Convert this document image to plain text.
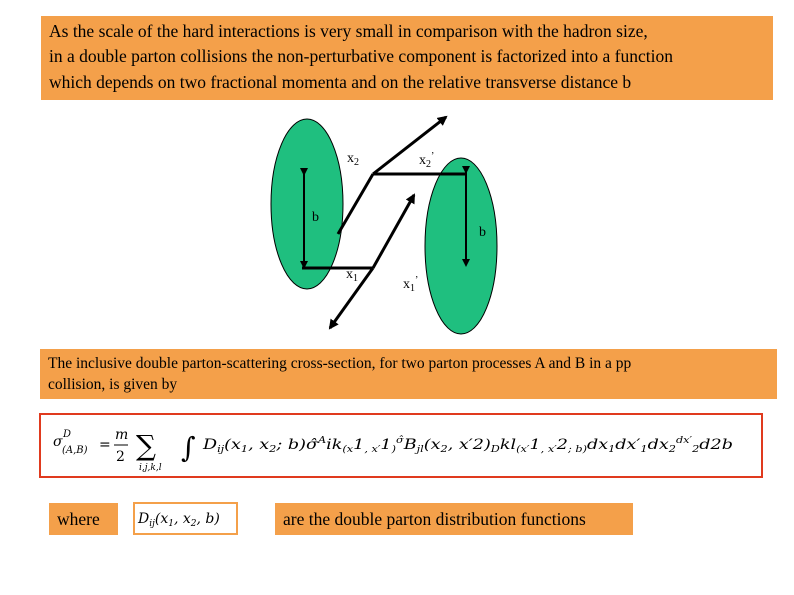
As the scale of the hard interactions is very small in comparison with the hadron size,
in a double parton collisions the non-perturbative component is factorized into a function
which depends on two fractional momenta and on the relative transverse distance b
$x_2$	$x_2^’$
b
b
$x_1$	$x_1^’$
The inclusive double parton-scattering cross-section, for two parton processes A and B in a pp
collision, is given by
σ D
(A,B) =
m
2 ∑
i,j,k,l
∫ D $_{ij}$(x $_1$, x $_2$; b) σ̂ $^A$ ik $_{(x}$ 1 $_{, x'}$ 1 $_)^{\sigmâ}$ B $_{jl}$(x $_2$, x′ 2 )$_D$ kl $_{(x'}$ 1 $_{, x'}$ 2 $_{; b)}$ dx $_1$dx′ $_1$dx $_2^{dx'}_2$d 2 b
where	$D_{ij}(x_1$, $x_2$, b)	are the double parton distribution functions
